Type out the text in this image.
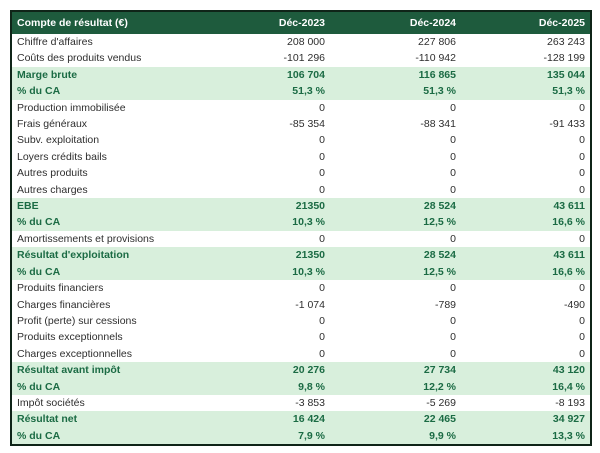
Compte de résultat (€)	Déc-2023	Déc-2024	Déc-2025
Chiffre d'affaires	208 000	227 806	263 243
Coûts des produits vendus	-101 296	-110 942	-128 199
Marge brute	106 704	116 865	135 044
% du CA	51,3 %	51,3 %	51,3 %
Production immobilisée	0	0	0
Frais généraux	-85 354	-88 341	-91 433
Subv. exploitation	0	0	0
Loyers crédits bails	0	0	0
Autres produits	0	0	0
Autres charges	0	0	0
EBE	21350	28 524	43 611
% du CA	10,3 %	12,5 %	16,6 %
Amortissements et provisions	0	0	0
Résultat d'exploitation	21350	28 524	43 611
% du CA	10,3 %	12,5 %	16,6 %
Produits financiers	0	0	0
Charges financières	-1 074	-789	-490
Profit (perte) sur cessions	0	0	0
Produits exceptionnels	0	0	0
Charges exceptionnelles	0	0	0
Résultat avant impôt	20 276	27 734	43 120
% du CA	9,8 %	12,2 %	16,4 %
Impôt sociétés	-3 853	-5 269	-8 193
Résultat net	16 424	22 465	34 927
% du CA	7,9 %	9,9 %	13,3 %
